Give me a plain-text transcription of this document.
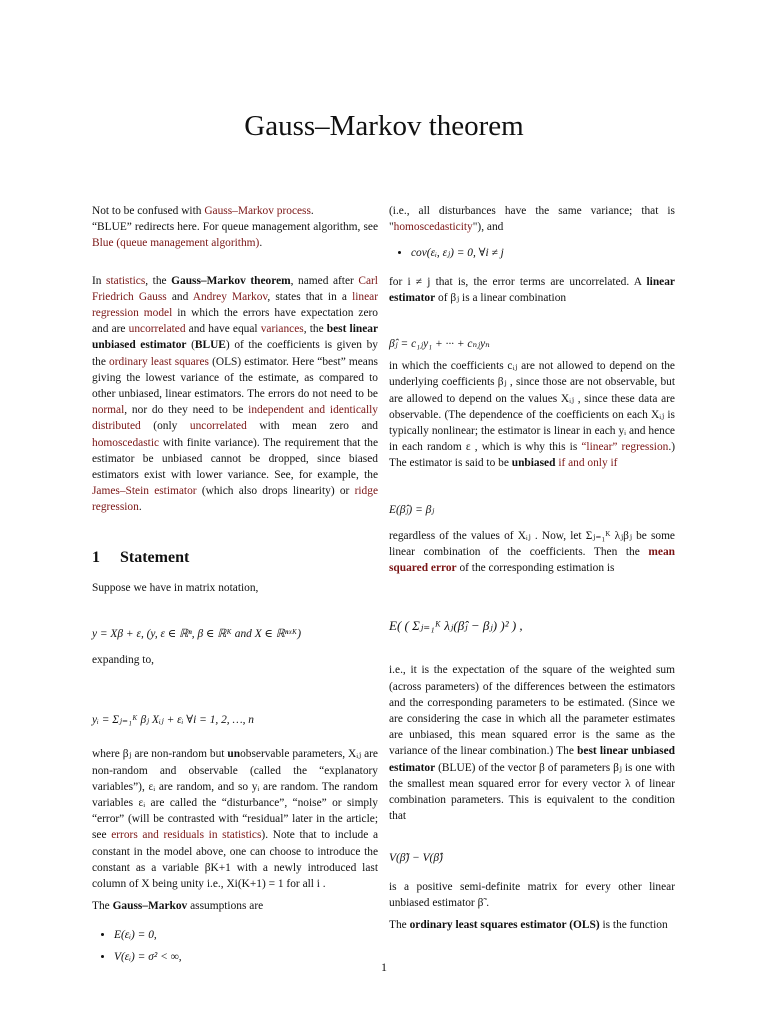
Gauss–Markov theorem

Not to be confused with Gauss–Markov process.

“BLUE” redirects here. For queue management algorithm, see Blue (queue management algorithm).

In statistics, the Gauss–Markov theorem, named after Carl Friedrich Gauss and Andrey Markov, states that in a linear regression model in which the errors have expectation zero and are uncorrelated and have equal variances, the best linear unbiased estimator (BLUE) of the coefficients is given by the ordinary least squares (OLS) estimator. Here “best” means giving the lowest variance of the estimate, as compared to other unbiased, linear estimators. The errors do not need to be normal, nor do they need to be independent and identically distributed (only uncorrelated with mean zero and homoscedastic with finite variance). The requirement that the estimator be unbiased cannot be dropped, since biased estimators exist with lower variance. See, for example, the James–Stein estimator (which also drops linearity) or ridge regression.

1 Statement

Suppose we have in matrix notation,

y = Xβ + ε, (y, ε ∈ ℝⁿ, β ∈ ℝᴷ and X ∈ ℝⁿˣᴷ)

expanding to,

yᵢ = Σⱼ₌₁ᴷ βⱼ Xᵢⱼ + εᵢ ∀i = 1, 2, …, n

where βⱼ are non-random but unobservable parameters, Xᵢⱼ are non-random and observable (called the “explanatory variables”), εᵢ are random, and so yᵢ are random. The random variables εᵢ are called the “disturbance”, “noise” or simply “error” (will be contrasted with “residual” later in the article; see errors and residuals in statistics). Note that to include a constant in the model above, one can choose to introduce the constant as a variable βK+1 with a newly introduced last column of X being unity i.e., Xi(K+1) = 1 for all i .

The Gauss–Markov assumptions are

• E(εᵢ) = 0,
• V(εᵢ) = σ² < ∞,

(i.e., all disturbances have the same variance; that is "homoscedasticity"), and

• cov(εᵢ, εⱼ) = 0, ∀i ≠ j

for i ≠ j that is, the error terms are uncorrelated. A linear estimator of βⱼ is a linear combination

β̂ⱼ = c₁ⱼy₁ + ··· + cₙⱼyₙ

in which the coefficients cᵢⱼ are not allowed to depend on the underlying coefficients βⱼ , since those are not observable, but are allowed to depend on the values Xᵢⱼ , since these data are observable. (The dependence of the coefficients on each Xᵢⱼ is typically nonlinear; the estimator is linear in each yᵢ and hence in each random ε , which is why this is “linear” regression.) The estimator is said to be unbiased if and only if

E(β̂ⱼ) = βⱼ

regardless of the values of Xᵢⱼ . Now, let Σⱼ₌₁ᴷ λⱼβⱼ be some linear combination of the coefficients. Then the mean squared error of the corresponding estimation is

E( ( Σⱼ₌₁ᴷ λⱼ(β̂ⱼ − βⱼ) )² ) ,

i.e., it is the expectation of the square of the weighted sum (across parameters) of the differences between the estimators and the corresponding parameters to be estimated. (Since we are considering the case in which all the parameter estimates are unbiased, this mean squared error is the same as the variance of the linear combination.) The best linear unbiased estimator (BLUE) of the vector β of parameters βⱼ is one with the smallest mean squared error for every vector λ of linear combination parameters. This is equivalent to the condition that

V(β̃) − V(β̂)

is a positive semi-definite matrix for every other linear unbiased estimator β̃ .

The ordinary least squares estimator (OLS) is the function

1
